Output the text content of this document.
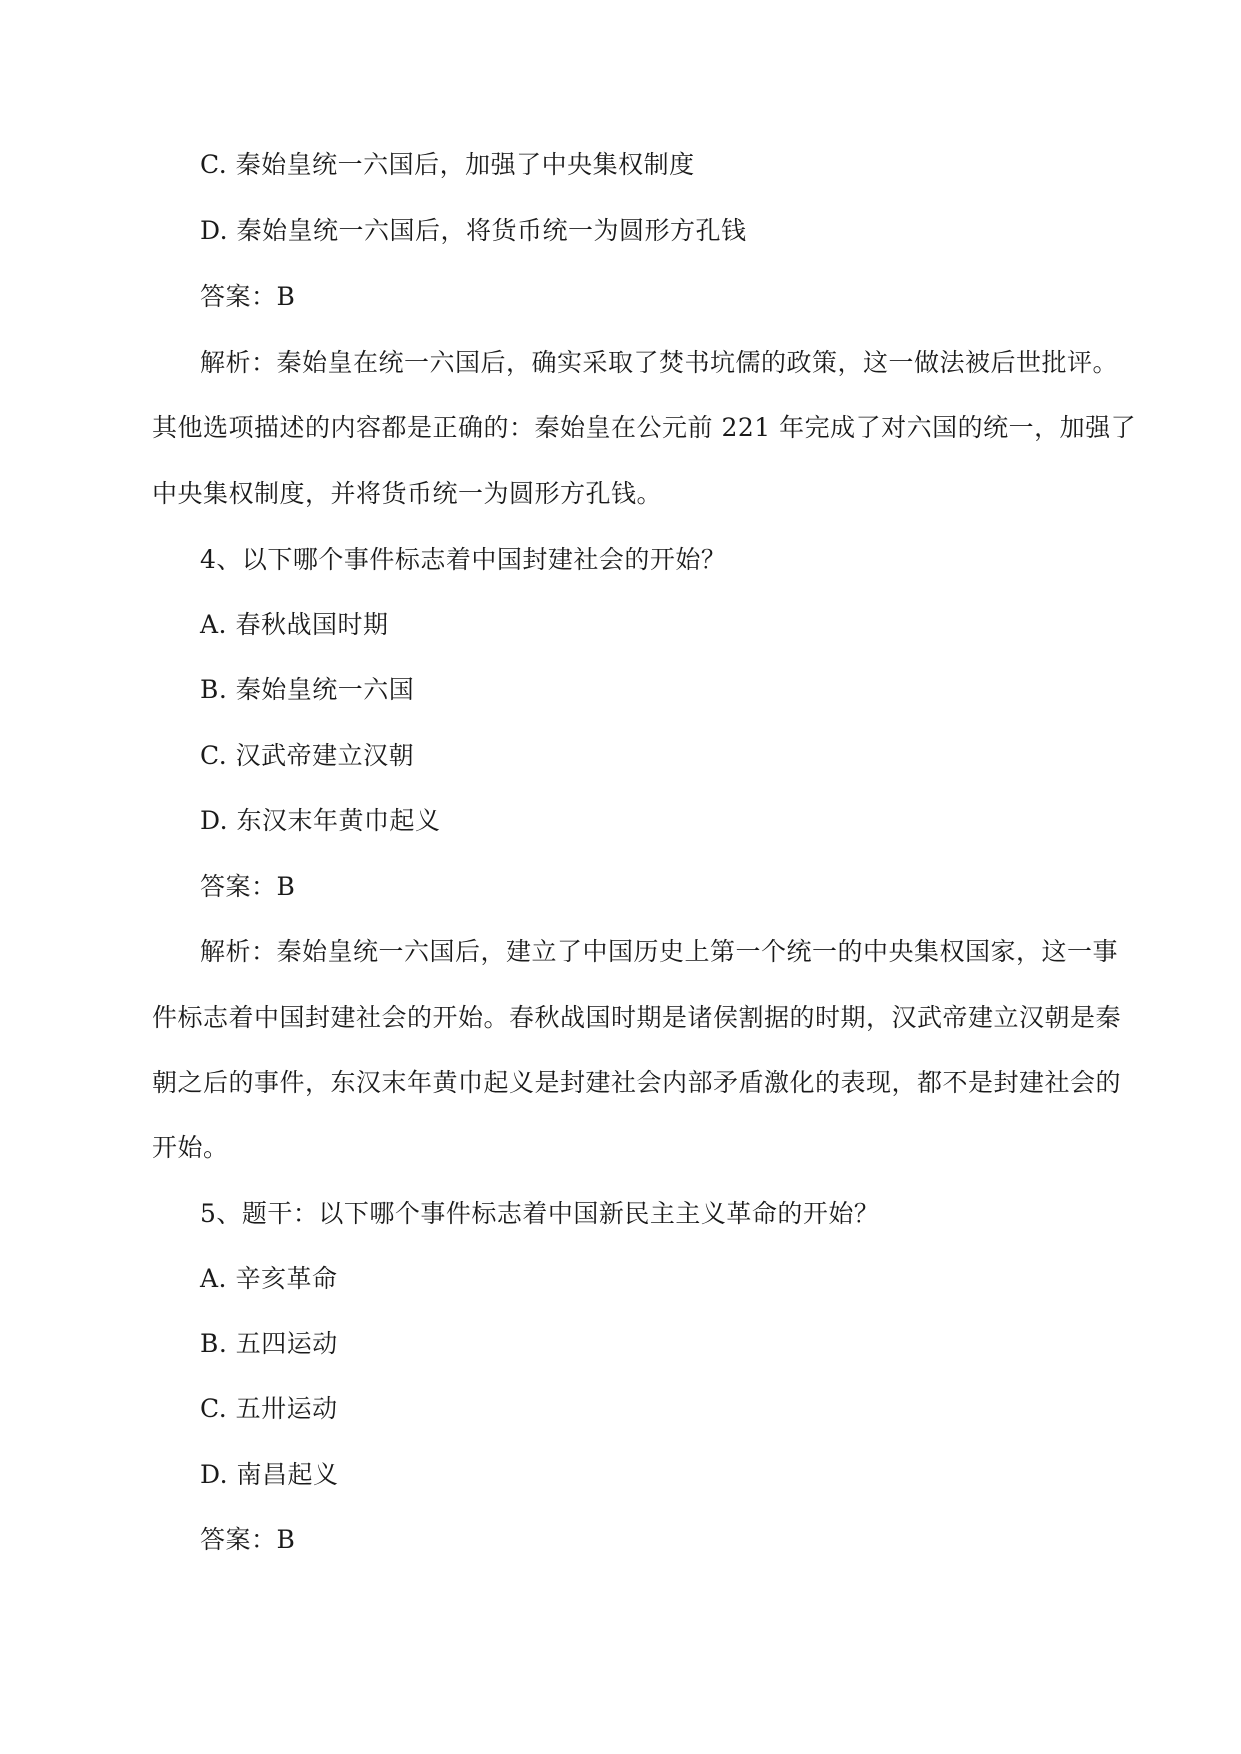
C. 秦始皇统一六国后，加强了中央集权制度
D. 秦始皇统一六国后，将货币统一为圆形方孔钱
答案：B
解析：秦始皇在统一六国后，确实采取了焚书坑儒的政策，这一做法被后世批评。
其他选项描述的内容都是正确的：秦始皇在公元前 221 年完成了对六国的统一，加强了
中央集权制度，并将货币统一为圆形方孔钱。
4、以下哪个事件标志着中国封建社会的开始？
A. 春秋战国时期
B. 秦始皇统一六国
C. 汉武帝建立汉朝
D. 东汉末年黄巾起义
答案：B
解析：秦始皇统一六国后，建立了中国历史上第一个统一的中央集权国家，这一事
件标志着中国封建社会的开始。春秋战国时期是诸侯割据的时期，汉武帝建立汉朝是秦
朝之后的事件，东汉末年黄巾起义是封建社会内部矛盾激化的表现，都不是封建社会的
开始。
5、题干：以下哪个事件标志着中国新民主主义革命的开始？
A. 辛亥革命
B. 五四运动
C. 五卅运动
D. 南昌起义
答案：B
